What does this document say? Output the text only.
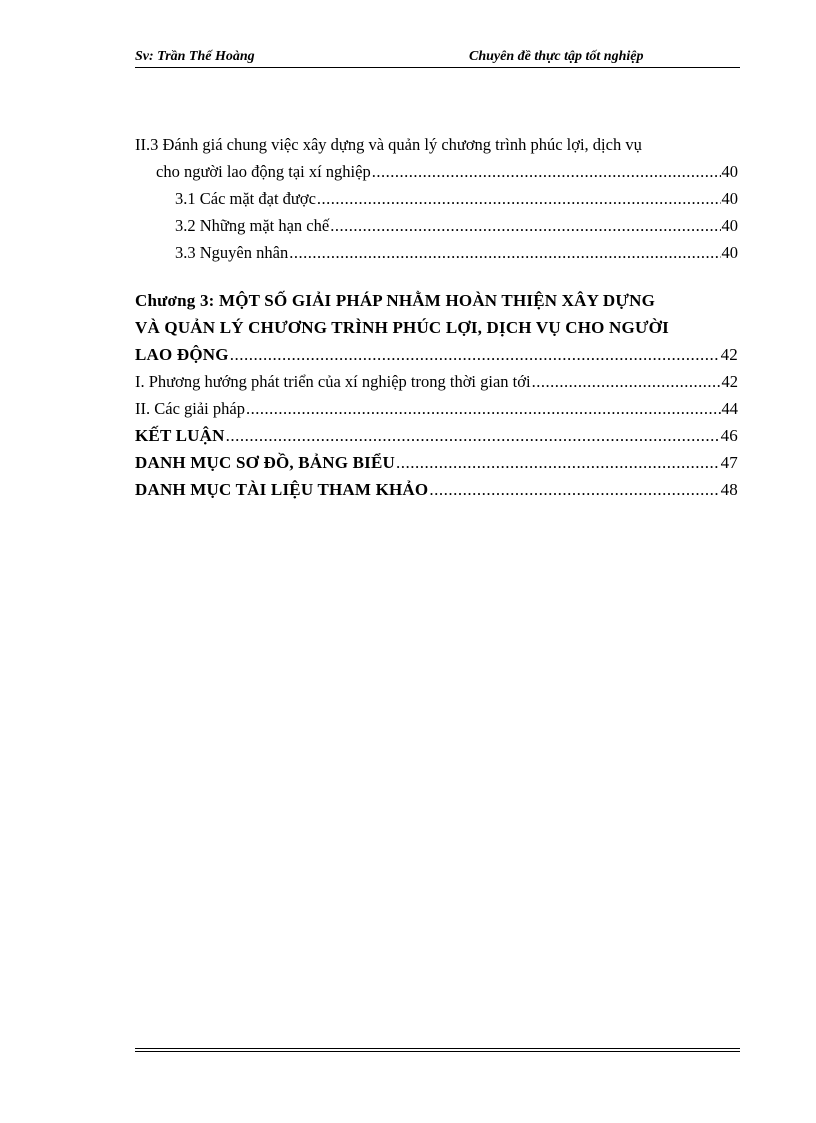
Sv: Trần Thế Hoàng	Chuyên đề thực tập tốt nghiệp
II.3 Đánh giá chung việc xây dựng và quản lý chương trình phúc lợi, dịch vụ
cho người lao động tại xí nghiệp .....	40
3.1 Các mặt đạt được .....	40
3.2 Những mặt hạn chế .....	40
3.3 Nguyên nhân .....	40
Chương 3: MỘT SỐ GIẢI PHÁP NHẰM HOÀN THIỆN XÂY DỰNG
VÀ QUẢN LÝ CHƯƠNG TRÌNH PHÚC LỢI, DỊCH VỤ CHO NGƯỜI
LAO ĐỘNG .....	42
I. Phương hướng phát triển của xí nghiệp trong thời gian tới .....	42
II. Các giải pháp .....	44
KẾT LUẬN .....	46
DANH MỤC SƠ ĐỒ, BẢNG BIỂU .....	47
DANH MỤC TÀI LIỆU THAM KHẢO .....	48
